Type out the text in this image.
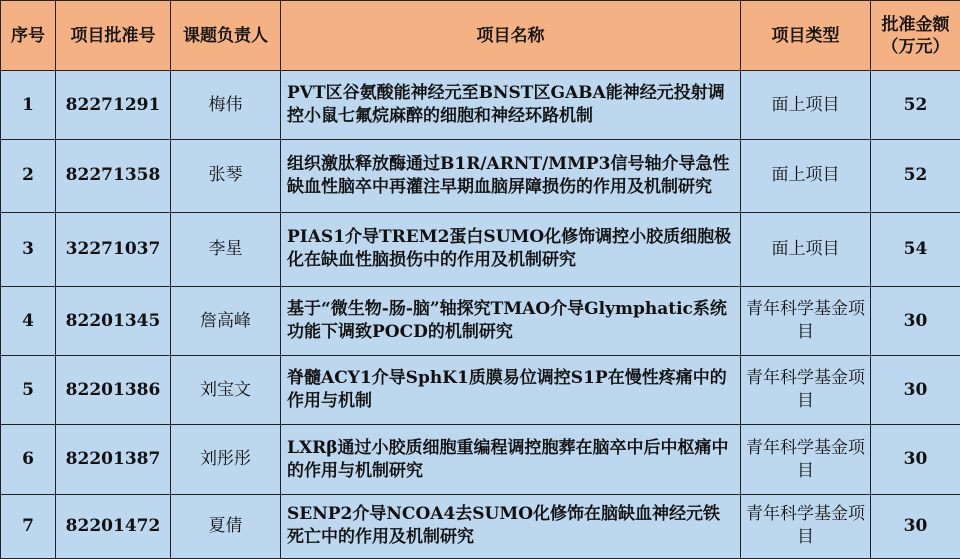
序号	项目批准号	课题负责人	项目名称	项目类型	批准金额
（万元）

1	82271291	梅伟	PVT区谷氨酸能神经元至BNST区GABA能神经元投射调控小鼠七氟烷麻醉的细胞和神经环路机制	面上项目	52
2	82271358	张琴	组织激肽释放酶通过B1R/ARNT/MMP3信号轴介导急性缺血性脑卒中再灌注早期血脑屏障损伤的作用及机制研究	面上项目	52
3	32271037	李星	PIAS1介导TREM2蛋白SUMO化修饰调控小胶质细胞极化在缺血性脑损伤中的作用及机制研究	面上项目	54
4	82201345	詹高峰	基于“微生物-肠-脑”轴探究TMAO介导Glymphatic系统功能下调致POCD的机制研究	青年科学基金项目	30
5	82201386	刘宝文	脊髓ACY1介导SphK1质膜易位调控S1P在慢性疼痛中的作用与机制	青年科学基金项目	30
6	82201387	刘彤彤	LXRβ通过小胶质细胞重编程调控胞葬在脑卒中后中枢痛中的作用与机制研究	青年科学基金项目	30
7	82201472	夏倩	SENP2介导NCOA4去SUMO化修饰在脑缺血神经元铁死亡中的作用及机制研究	青年科学基金项目	30
